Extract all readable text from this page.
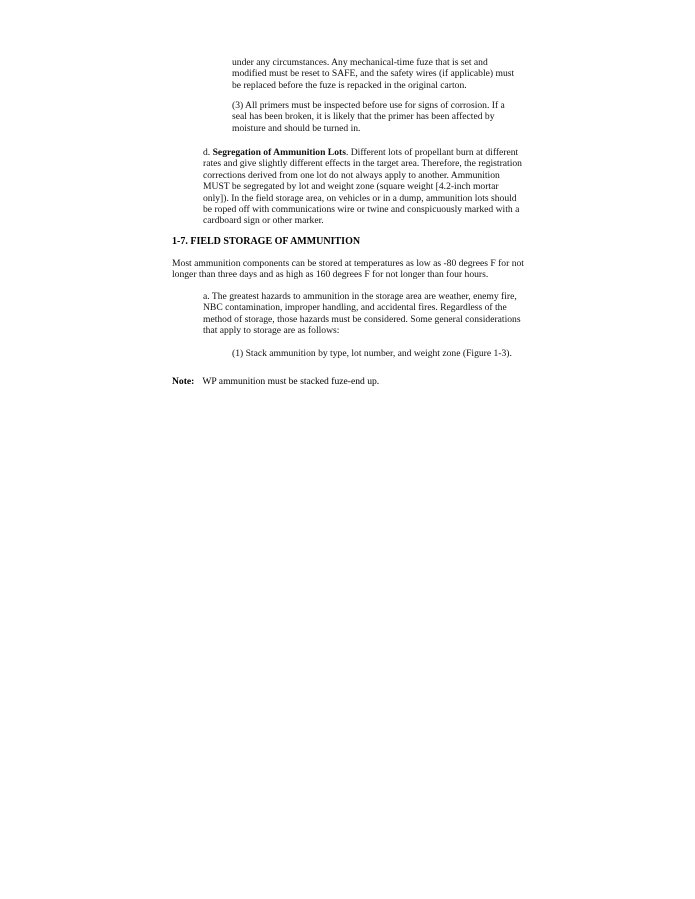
under any circumstances. Any mechanical-time fuze that is set and modified must be reset to SAFE, and the safety wires (if applicable) must be replaced before the fuze is repacked in the original carton.

(3) All primers must be inspected before use for signs of corrosion. If a seal has been broken, it is likely that the primer has been affected by moisture and should be turned in.

d. Segregation of Ammunition Lots. Different lots of propellant burn at different rates and give slightly different effects in the target area. Therefore, the registration corrections derived from one lot do not always apply to another. Ammunition MUST be segregated by lot and weight zone (square weight [4.2-inch mortar only]). In the field storage area, on vehicles or in a dump, ammunition lots should be roped off with communications wire or twine and conspicuously marked with a cardboard sign or other marker.

1-7. FIELD STORAGE OF AMMUNITION

Most ammunition components can be stored at temperatures as low as -80 degrees F for not longer than three days and as high as 160 degrees F for not longer than four hours.

a. The greatest hazards to ammunition in the storage area are weather, enemy fire, NBC contamination, improper handling, and accidental fires. Regardless of the method of storage, those hazards must be considered. Some general considerations that apply to storage are as follows:

(1) Stack ammunition by type, lot number, and weight zone (Figure 1-3).

Note: WP ammunition must be stacked fuze-end up.
